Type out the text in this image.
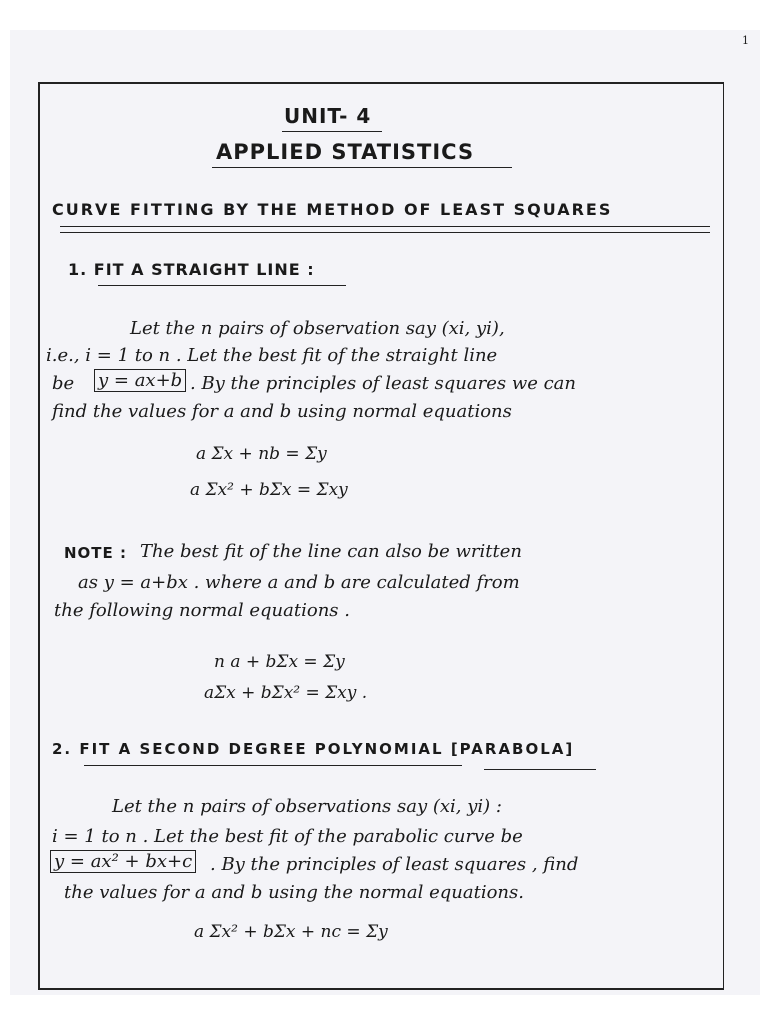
1
UNIT- 4
APPLIED STATISTICS
CURVE FITTING BY THE METHOD OF LEAST SQUARES
1. FIT A STRAIGHT LINE :
Let the n pairs of observation say (xi, yi),
i.e., i = 1 to n . Let the best fit of the straight line
be y = ax+b . By the principles of least squares we can
find the values for a and b using normal equations
a Σx + nb = Σy
a Σx² + bΣx = Σxy
NOTE : The best fit of the line can also be written
as y = a+bx . where a and b are calculated from
the following normal equations .
n a + bΣx = Σy
aΣx + bΣx² = Σxy .
2. FIT A SECOND DEGREE POLYNOMIAL [PARABOLA]
Let the n pairs of observations say (xi, yi) :
i = 1 to n . Let the best fit of the parabolic curve be
y = ax² + bx+c . By the principles of least squares , find
the values for a and b using the normal equations.
a Σx² + bΣx + nc = Σy
